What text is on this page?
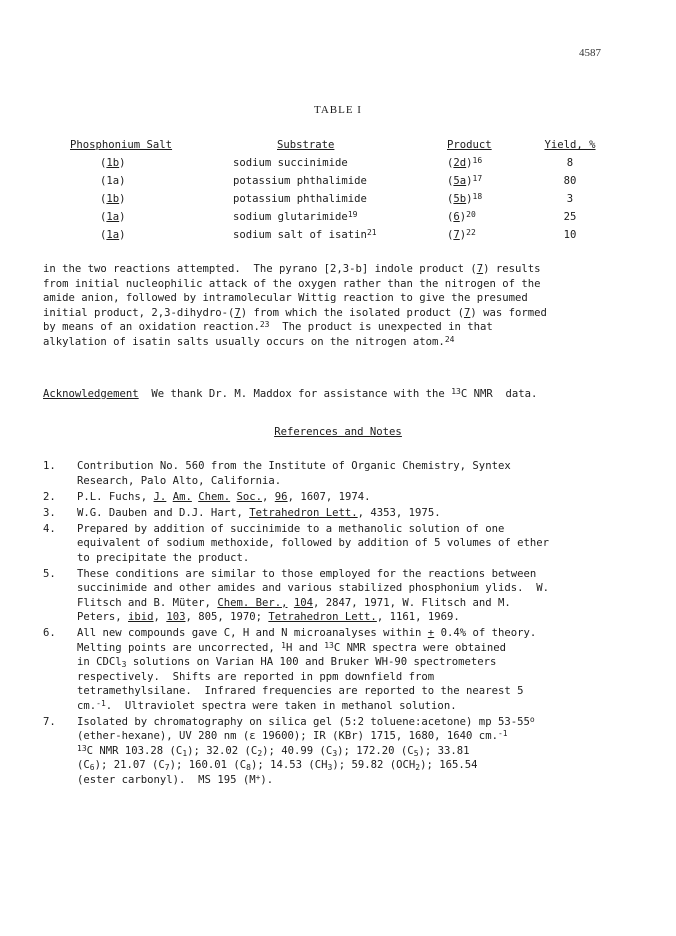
4587
TABLE I
Phosphonium Salt	Substrate	Product	Yield, %
(1b)	sodium succinimide	$(2d)^{16}$	8
(1a)	potassium phthalimide	$(5a)^{17}$	80
(1b)	potassium phthalimide	$(5b)^{18}$	3
(1a)	sodium glutarimide$^{19}$	$(6)^{20}$	25
(1a)	sodium salt of isatin$^{21}$	$(7)^{22}$	10
in the two reactions attempted.  The pyrano [2,3-b] indole product (7) results
from initial nucleophilic attack of the oxygen rather than the nitrogen of the
amide anion, followed by intramolecular Wittig reaction to give the presumed
initial product, 2,3-dihydro-(7) from which the isolated product (7) was formed
by means of an oxidation reaction.$^{23}$  The product is unexpected in that
alkylation of isatin salts usually occurs on the nitrogen atom.$^{24}$
Acknowledgement  We thank Dr. M. Maddox for assistance with the $^{13}$C NMR  data.
References and Notes
1. Contribution No. 560 from the Institute of Organic Chemistry, Syntex
Research, Palo Alto, California.
2. P.L. Fuchs, J. Am. Chem. Soc., 96, 1607, 1974.
3. W.G. Dauben and D.J. Hart, Tetrahedron Lett., 4353, 1975.
4. Prepared by addition of succinimide to a methanolic solution of one
equivalent of sodium methoxide, followed by addition of 5 volumes of ether
to precipitate the product.
5. These conditions are similar to those employed for the reactions between
succinimide and other amides and various stabilized phosphonium ylids.  W.
Flitsch and B. Müter, Chem. Ber., 104, 2847, 1971, W. Flitsch and M.
Peters, ibid, 103, 805, 1970; Tetrahedron Lett., 1161, 1969.
6. All new compounds gave C, H and N microanalyses within + 0.4% of theory.
Melting points are uncorrected, $^1$H and $^{13}$C NMR spectra were obtained
in CDCl$_3$ solutions on Varian HA 100 and Bruker WH-90 spectrometers
respectively.  Shifts are reported in ppm downfield from
tetramethylsilane.  Infrared frequencies are reported to the nearest 5
cm.$^{-1}$.  Ultraviolet spectra were taken in methanol solution.
7. Isolated by chromatography on silica gel (5:2 toluene:acetone) mp 53-55$^o$
(ether-hexane), UV 280 nm (ε 19600); IR (KBr) 1715, 1680, 1640 cm.$^{-1}$
$^{13}$C NMR 103.28 $(C_1)$; 32.02 $(C_2)$; 40.99 $(C_3)$; 172.20 $(C_5)$; 33.81
$(C_6)$; 21.07 $(C_7)$; 160.01 $(C_8)$; 14.53 $(CH_3)$; 59.82 $(OCH_2)$; 165.54
(ester carbonyl).  MS 195 (M+).
